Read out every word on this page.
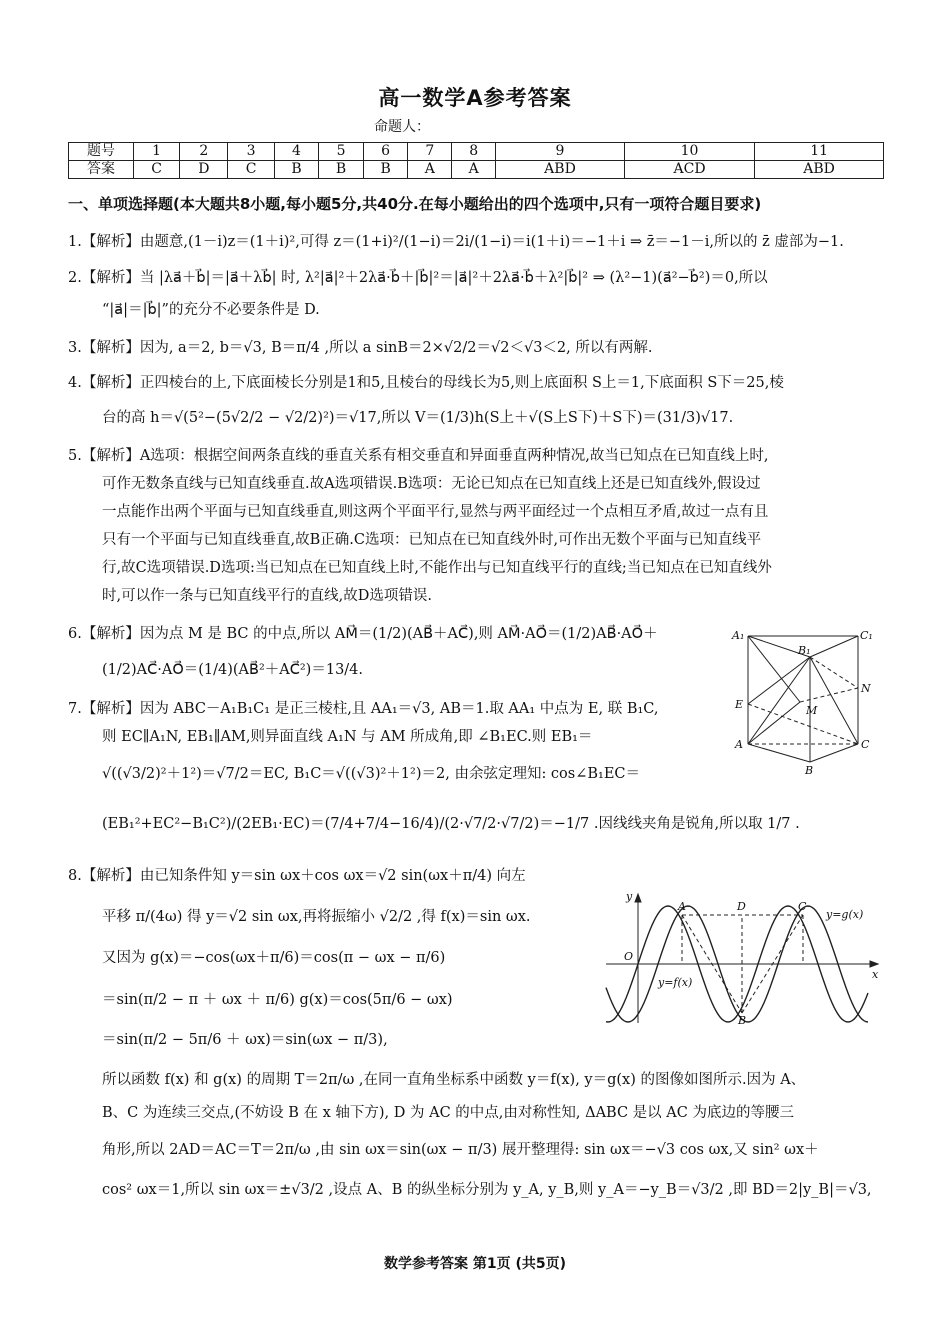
高一数学A参考答案
命题人：
题号	1	2	3	4	5	6	7	8	9	10	11
答案	C	D	C	B	B	B	A	A	ABD	ACD	ABD
一、单项选择题(本大题共8小题,每小题5分,共40分.在每小题给出的四个选项中,只有一项符合题目要求)
1.【解析】由题意,(1－i)z＝(1＋i)²,可得 z＝(1+i)²/(1−i)＝2i/(1−i)＝i(1＋i)＝−1＋i ⇒ z̄＝−1－i,所以的 z̄ 虚部为−1.
2.【解析】当 |λa⃗＋b⃗|＝|a⃗＋λb⃗| 时, λ²|a⃗|²＋2λa⃗·b⃗＋|b⃗|²＝|a⃗|²＋2λa⃗·b⃗＋λ²|b⃗|² ⇒ (λ²−1)(a⃗²−b⃗²)＝0,所以
“|a⃗|＝|b⃗|”的充分不必要条件是 D.
3.【解析】因为, a＝2, b＝√3, B＝π/4 ,所以 a sinB＝2×√2/2＝√2＜√3＜2, 所以有两解.
4.【解析】正四棱台的上,下底面棱长分别是1和5,且棱台的母线长为5,则上底面积 S上＝1,下底面积 S下＝25,棱
台的高 h＝√(5²−(5√2/2 − √2/2)²)＝√17,所以 V＝(1/3)h(S上＋√(S上S下)＋S下)＝(31/3)√17.
5.【解析】A选项：根据空间两条直线的垂直关系有相交垂直和异面垂直两种情况,故当已知点在已知直线上时,
可作无数条直线与已知直线垂直.故A选项错误.B选项：无论已知点在已知直线上还是已知直线外,假设过
一点能作出两个平面与已知直线垂直,则这两个平面平行,显然与两平面经过一个点相互矛盾,故过一点有且
只有一个平面与已知直线垂直,故B正确.C选项：已知点在已知直线外时,可作出无数个平面与已知直线平
行,故C选项错误.D选项:当已知点在已知直线上时,不能作出与已知直线平行的直线;当已知点在已知直线外
时,可以作一条与已知直线平行的直线,故D选项错误.
6.【解析】因为点 M 是 BC 的中点,所以 AM⃗＝(1/2)(AB⃗＋AC⃗),则 AM⃗·AO⃗＝(1/2)AB⃗·AO⃗＋
(1/2)AC⃗·AO⃗＝(1/4)(AB⃗²＋AC⃗²)＝13/4.
7.【解析】因为 ABC－A₁B₁C₁ 是正三棱柱,且 AA₁＝√3, AB＝1.取 AA₁ 中点为 E, 联 B₁C,
则 EC∥A₁N, EB₁∥AM,则异面直线 A₁N 与 AM 所成角,即 ∠B₁EC.则 EB₁＝
√((√3/2)²＋1²)＝√7/2＝EC, B₁C＝√((√3)²＋1²)＝2, 由余弦定理知: cos∠B₁EC＝
(EB₁²+EC²−B₁C²)/(2EB₁·EC)＝(7/4+7/4−16/4)/(2·√7/2·√7/2)＝−1/7 .因线线夹角是锐角,所以取 1/7 .
8.【解析】由已知条件知 y＝sin ωx＋cos ωx＝√2 sin(ωx＋π/4) 向左
平移 π/(4ω) 得 y＝√2 sin ωx,再将振缩小 √2/2 ,得 f(x)＝sin ωx.
又因为 g(x)＝−cos(ωx＋π/6)＝cos(π − ωx − π/6)
＝sin(π/2 − π ＋ ωx ＋ π/6) g(x)＝cos(5π/6 − ωx)
＝sin(π/2 − 5π/6 ＋ ωx)＝sin(ωx − π/3),
所以函数 f(x) 和 g(x) 的周期 T＝2π/ω ,在同一直角坐标系中函数 y＝f(x), y＝g(x) 的图像如图所示.因为 A、
B、C 为连续三交点,(不妨设 B 在 x 轴下方), D 为 AC 的中点,由对称性知, ΔABC 是以 AC 为底边的等腰三
角形,所以 2AD＝AC＝T＝2π/ω ,由 sin ωx＝sin(ωx − π/3) 展开整理得: sin ωx＝−√3 cos ωx,又 sin² ωx＋
cos² ωx＝1,所以 sin ωx＝±√3/2 ,设点 A、B 的纵坐标分别为 y_A, y_B,则 y_A＝−y_B＝√3/2 ,即 BD＝2|y_B|＝√3,
A₁
B₁
C₁
N
E	M
A	C
B
y
A	D	C
y=g(x)
O
x
y=f(x)
B
数学参考答案 第1页 (共5页)
